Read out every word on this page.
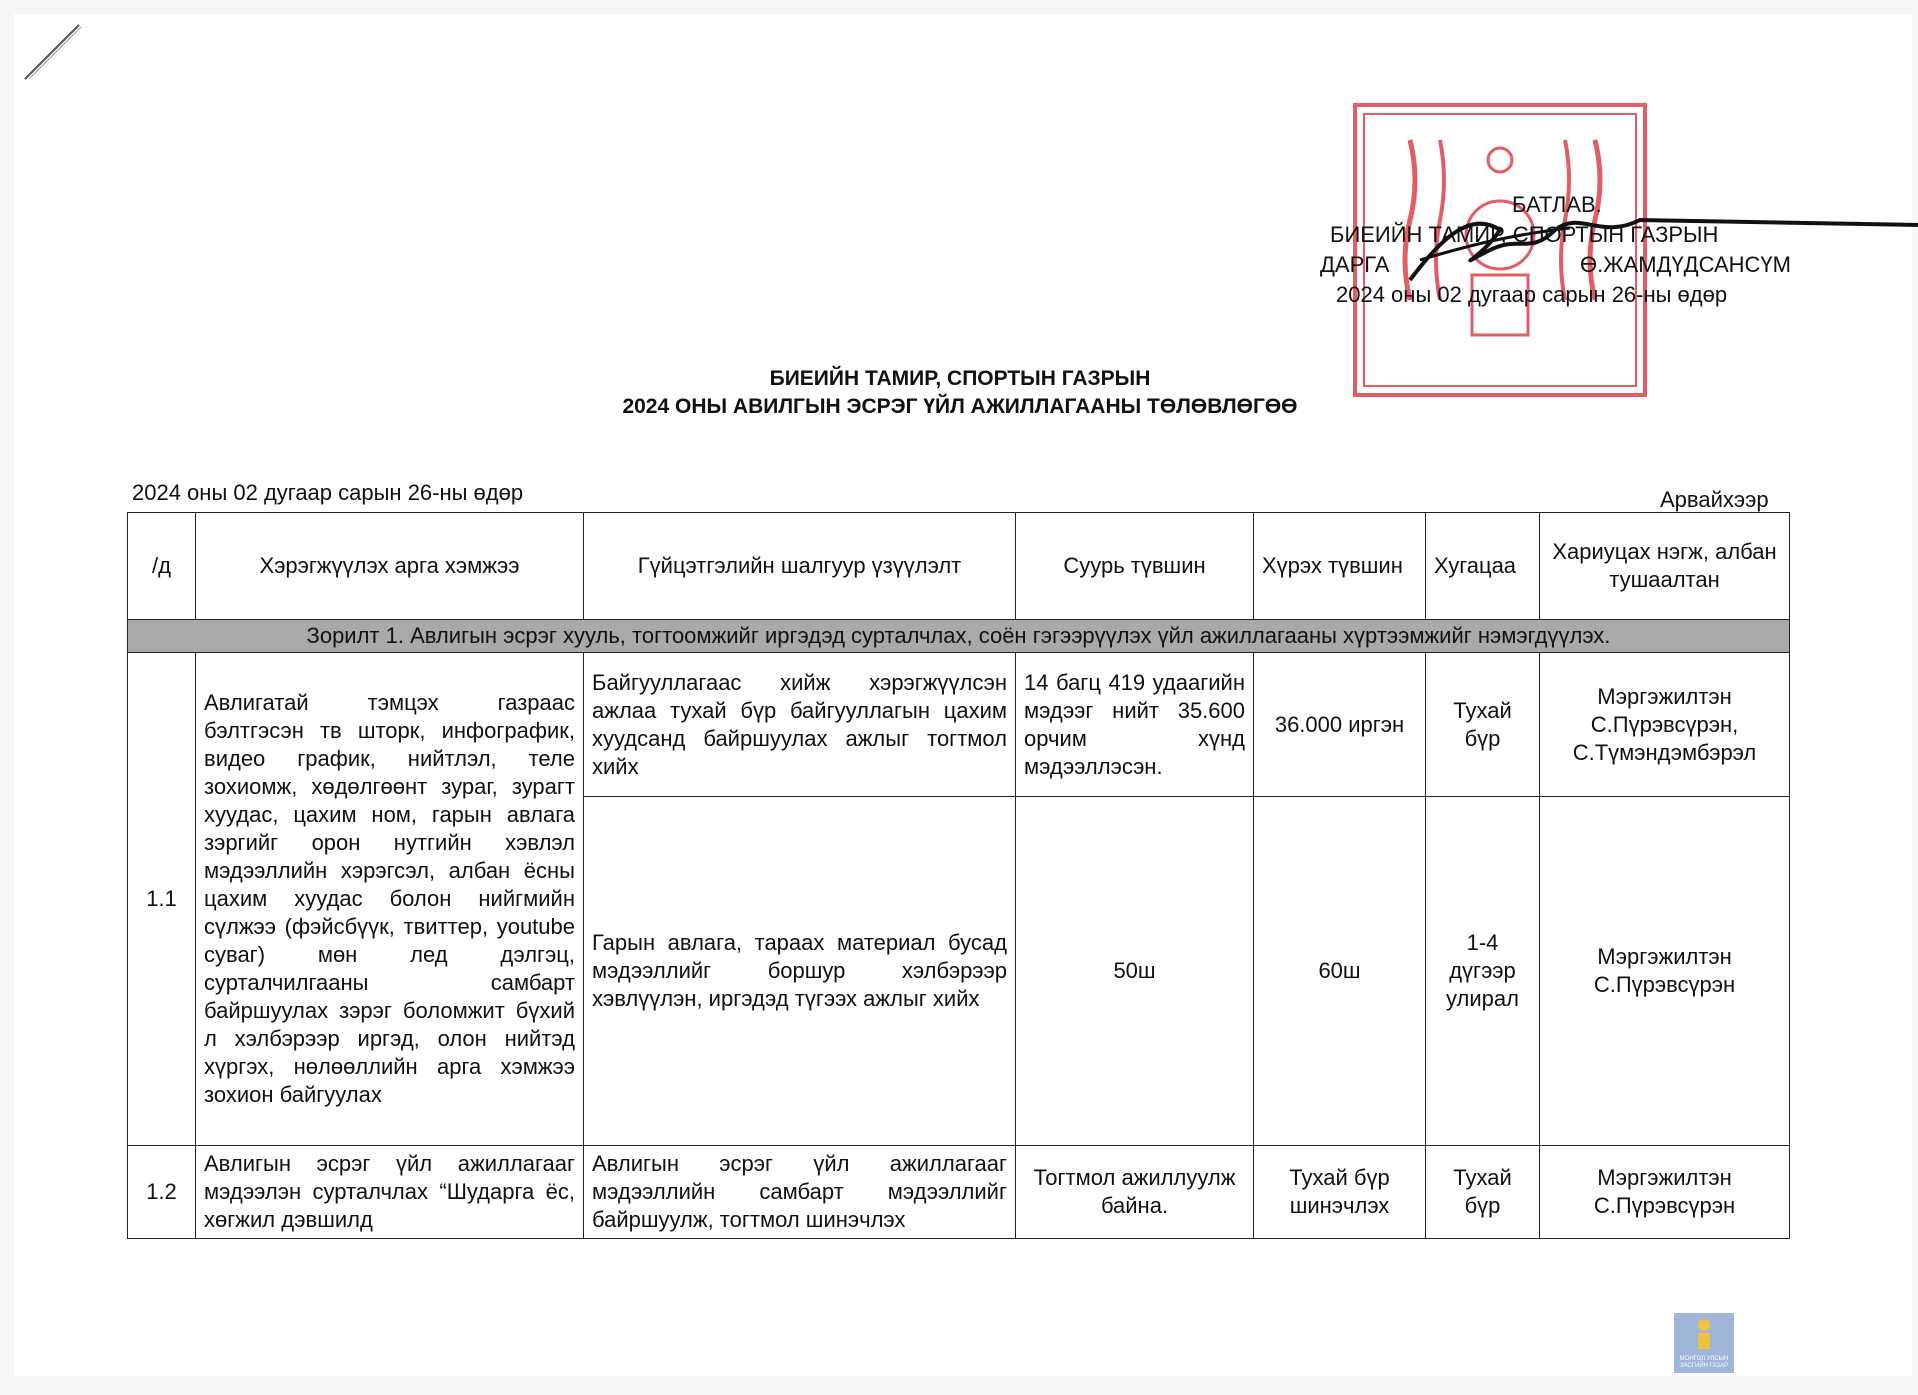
БАТЛАВ.
БИЕИЙН ТАМИР, СПОРТЫН ГАЗРЫН
ДАРГА	Ө.ЖАМДҮДСАНСҮМ
2024 оны 02 дугаар сарын 26-ны өдөр
БИЕИЙН ТАМИР, СПОРТЫН ГАЗРЫН
2024 ОНЫ АВИЛГЫН ЭСРЭГ ҮЙЛ АЖИЛЛАГААНЫ ТӨЛӨВЛӨГӨӨ
2024 оны 02 дугаар сарын 26-ны өдөр	Арвайхээр
/д	Хэрэгжүүлэх арга хэмжээ	Гүйцэтгэлийн шалгуур үзүүлэлт	Суурь түвшин	Хүрэх түвшин	Хугацаа	Хариуцах нэгж, албан тушаалтан
Зорилт 1. Авлигын эсрэг хууль, тогтоомжийг иргэдэд сурталчлах, соён гэгээрүүлэх үйл ажиллагааны хүртээмжийг нэмэгдүүлэх.						
1.1	Авлигатай тэмцэх газраас бэлтгэсэн тв шторк, инфографик, видео график, нийтлэл, теле зохиомж, хөдөлгөөнт зураг, зурагт хуудас, цахим ном, гарын авлага зэргийг орон нутгийн хэвлэл мэдээллийн хэрэгсэл, албан ёсны цахим хуудас болон нийгмийн сүлжээ (фэйсбүүк, твиттер, youtube суваг) мөн лед дэлгэц, сурталчилгааны самбарт байршуулах зэрэг боломжит бүхий л хэлбэрээр иргэд, олон нийтэд хүргэх, нөлөөллийн арга хэмжээ зохион байгуулах	Байгууллагаас хийж хэрэгжүүлсэн ажлаа тухай бүр байгууллагын цахим хуудсанд байршуулах ажлыг тогтмол хийх	14 багц 419 удаагийн мэдээг нийт 35.600 орчим хүнд мэдээллэсэн.	36.000 иргэн	Тухай бүр	Мэргэжилтэн С.Пүрэвсүрэн, С.Түмэндэмбэрэл
		Гарын авлага, тараах материал бусад мэдээллийг боршур хэлбэрээр хэвлүүлэн, иргэдэд түгээх ажлыг хийх	50ш	60ш	1-4 дүгээр улирал	Мэргэжилтэн С.Пүрэвсүрэн
1.2	Авлигын эсрэг үйл ажиллагааг мэдээлэн сурталчлах “Шударга ёс, хөгжил дэвшилд	Авлигын эсрэг үйл ажиллагааг мэдээллийн самбарт мэдээллийг байршуулж, тогтмол шинэчлэх	Тогтмол ажиллуулж байна.	Тухай бүр шинэчлэх	Тухай бүр	Мэргэжилтэн С.Пүрэвсүрэн
МОНГОЛ УЛСЫН ЗАСГИЙН ГАЗАР
